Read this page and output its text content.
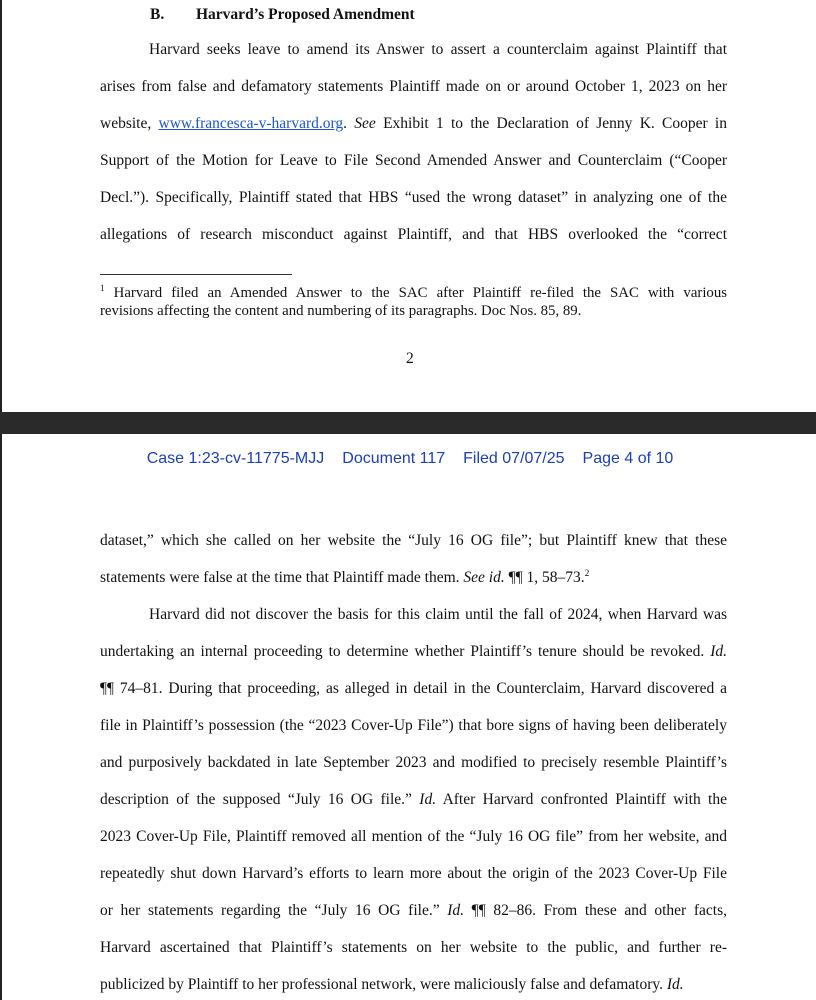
B. Harvard’s Proposed Amendment
Harvard seeks leave to amend its Answer to assert a counterclaim against Plaintiff that
arises from false and defamatory statements Plaintiff made on or around October 1, 2023 on her
website, www.francesca-v-harvard.org. See Exhibit 1 to the Declaration of Jenny K. Cooper in
Support of the Motion for Leave to File Second Amended Answer and Counterclaim (“Cooper
Decl.”). Specifically, Plaintiff stated that HBS “used the wrong dataset” in analyzing one of the
allegations of research misconduct against Plaintiff, and that HBS overlooked the “correct
$^1$ Harvard filed an Amended Answer to the SAC after Plaintiff re-filed the SAC with various
revisions affecting the content and numbering of its paragraphs. Doc Nos. 85, 89.
2
Case 1:23-cv-11775-MJJ Document 117 Filed 07/07/25 Page 4 of 10
dataset,” which she called on her website the “July 16 OG file”; but Plaintiff knew that these
statements were false at the time that Plaintiff made them. See id. ¶¶ 1, 58–73.$^2$
Harvard did not discover the basis for this claim until the fall of 2024, when Harvard was
undertaking an internal proceeding to determine whether Plaintiff’s tenure should be revoked. Id.
¶¶ 74–81. During that proceeding, as alleged in detail in the Counterclaim, Harvard discovered a
file in Plaintiff’s possession (the “2023 Cover-Up File”) that bore signs of having been deliberately
and purposively backdated in late September 2023 and modified to precisely resemble Plaintiff’s
description of the supposed “July 16 OG file.” Id. After Harvard confronted Plaintiff with the
2023 Cover-Up File, Plaintiff removed all mention of the “July 16 OG file” from her website, and
repeatedly shut down Harvard’s efforts to learn more about the origin of the 2023 Cover-Up File
or her statements regarding the “July 16 OG file.” Id. ¶¶ 82–86. From these and other facts,
Harvard ascertained that Plaintiff’s statements on her website to the public, and further re-
publicized by Plaintiff to her professional network, were maliciously false and defamatory. Id.
